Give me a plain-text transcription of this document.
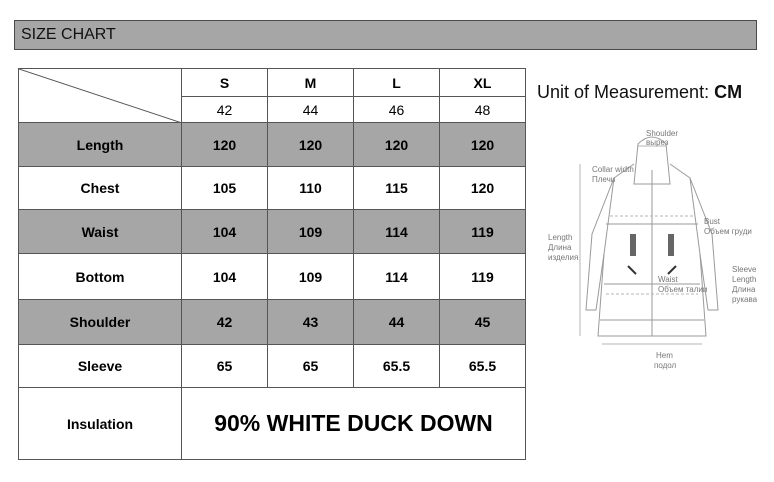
SIZE CHART
	S	M	L	XL
	42	44	46	48
Length	120	120	120	120
Chest	105	110	115	120
Waist	104	109	114	119
Bottom	104	109	114	119
Shoulder	42	43	44	45
Sleeve	65	65	65.5	65.5
Insulation	90% WHITE DUCK DOWN			
Unit of Measurement: CM
Shoulder
вырез
Collar width
Плечи
Bust
Объем груди
Length
Длина
изделия
Waist
Объем талии
Sleeve
Length
Длина
рукава
Hem
подол
